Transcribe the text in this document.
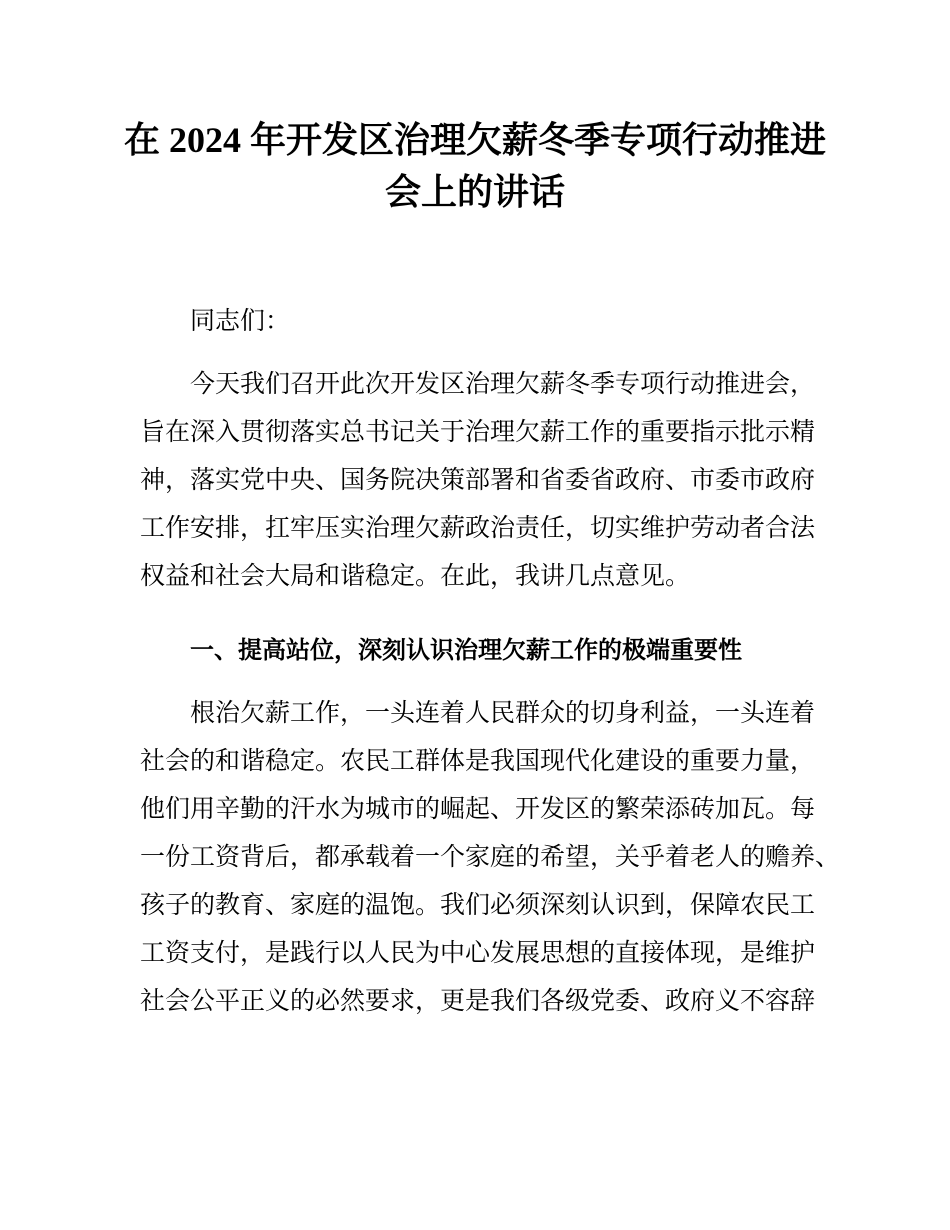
在 2024 年开发区治理欠薪冬季专项行动推进
会上的讲话
同志们：
今天我们召开此次开发区治理欠薪冬季专项行动推进会，
旨在深入贯彻落实总书记关于治理欠薪工作的重要指示批示精
神，落实党中央、国务院决策部署和省委省政府、市委市政府
工作安排，扛牢压实治理欠薪政治责任，切实维护劳动者合法
权益和社会大局和谐稳定。在此，我讲几点意见。
一、提高站位，深刻认识治理欠薪工作的极端重要性
根治欠薪工作，一头连着人民群众的切身利益，一头连着
社会的和谐稳定。农民工群体是我国现代化建设的重要力量，
他们用辛勤的汗水为城市的崛起、开发区的繁荣添砖加瓦。每
一份工资背后，都承载着一个家庭的希望，关乎着老人的赡养、
孩子的教育、家庭的温饱。我们必须深刻认识到，保障农民工
工资支付，是践行以人民为中心发展思想的直接体现，是维护
社会公平正义的必然要求，更是我们各级党委、政府义不容辞
